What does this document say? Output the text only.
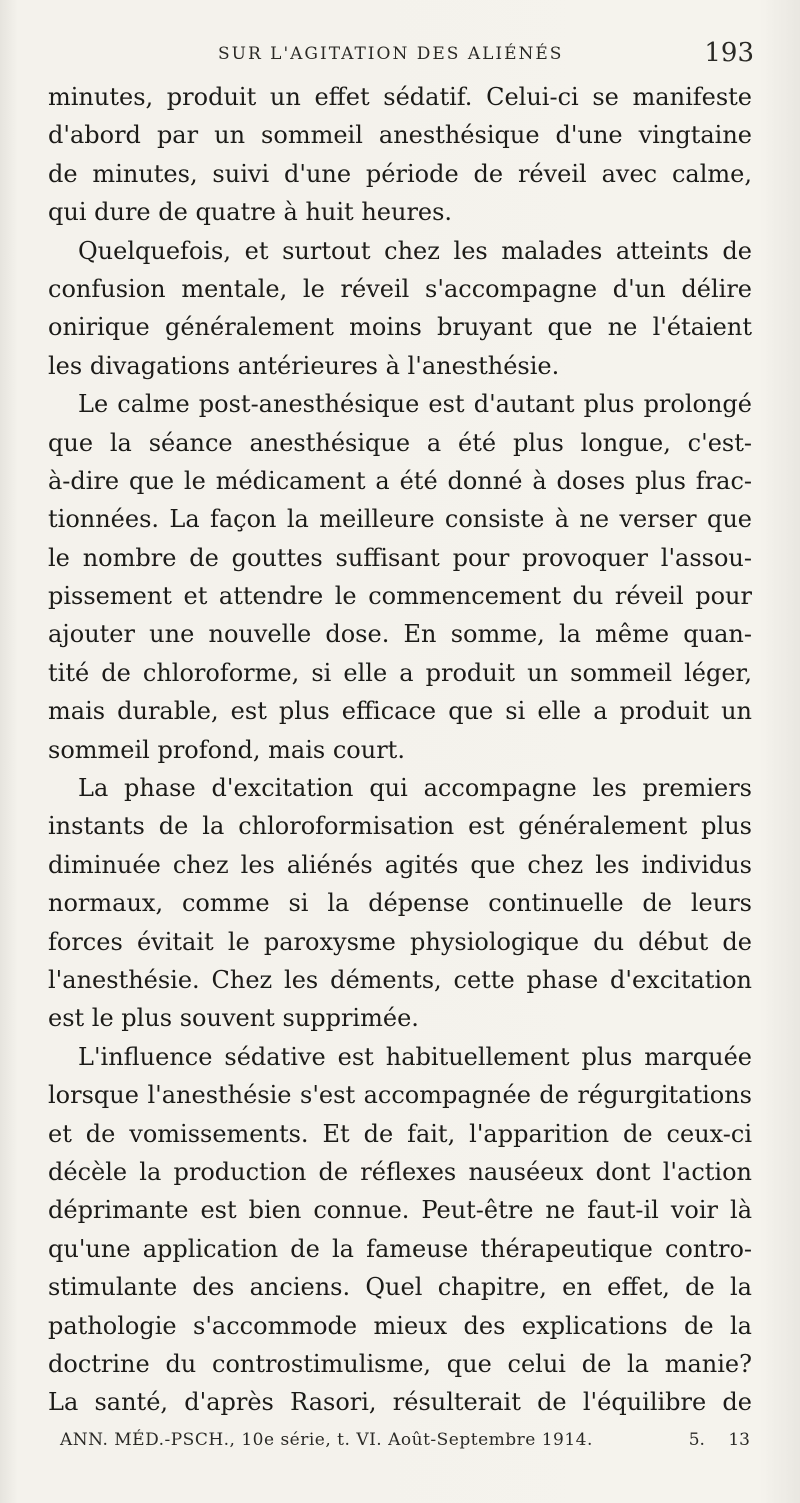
SUR L'AGITATION DES ALIÉNÉS	193
minutes, produit un effet sédatif. Celui-ci se manifeste
d'abord par un sommeil anesthésique d'une vingtaine
de minutes, suivi d'une période de réveil avec calme,
qui dure de quatre à huit heures.
Quelquefois, et surtout chez les malades atteints de
confusion mentale, le réveil s'accompagne d'un délire
onirique généralement moins bruyant que ne l'étaient
les divagations antérieures à l'anesthésie.
Le calme post-anesthésique est d'autant plus prolongé
que la séance anesthésique a été plus longue, c'est-
à-dire que le médicament a été donné à doses plus frac-
tionnées. La façon la meilleure consiste à ne verser que
le nombre de gouttes suffisant pour provoquer l'assou-
pissement et attendre le commencement du réveil pour
ajouter une nouvelle dose. En somme, la même quan-
tité de chloroforme, si elle a produit un sommeil léger,
mais durable, est plus efficace que si elle a produit un
sommeil profond, mais court.
La phase d'excitation qui accompagne les premiers
instants de la chloroformisation est généralement plus
diminuée chez les aliénés agités que chez les individus
normaux, comme si la dépense continuelle de leurs
forces évitait le paroxysme physiologique du début de
l'anesthésie. Chez les déments, cette phase d'excitation
est le plus souvent supprimée.
L'influence sédative est habituellement plus marquée
lorsque l'anesthésie s'est accompagnée de régurgitations
et de vomissements. Et de fait, l'apparition de ceux-ci
décèle la production de réflexes nauséeux dont l'action
déprimante est bien connue. Peut-être ne faut-il voir là
qu'une application de la fameuse thérapeutique contro-
stimulante des anciens. Quel chapitre, en effet, de la
pathologie s'accommode mieux des explications de la
doctrine du controstimulisme, que celui de la manie?
La santé, d'après Rasori, résulterait de l'équilibre de
ANN. MÉD.-PSCH., 10e série, t. VI. Août-Septembre 1914.	5. 13
